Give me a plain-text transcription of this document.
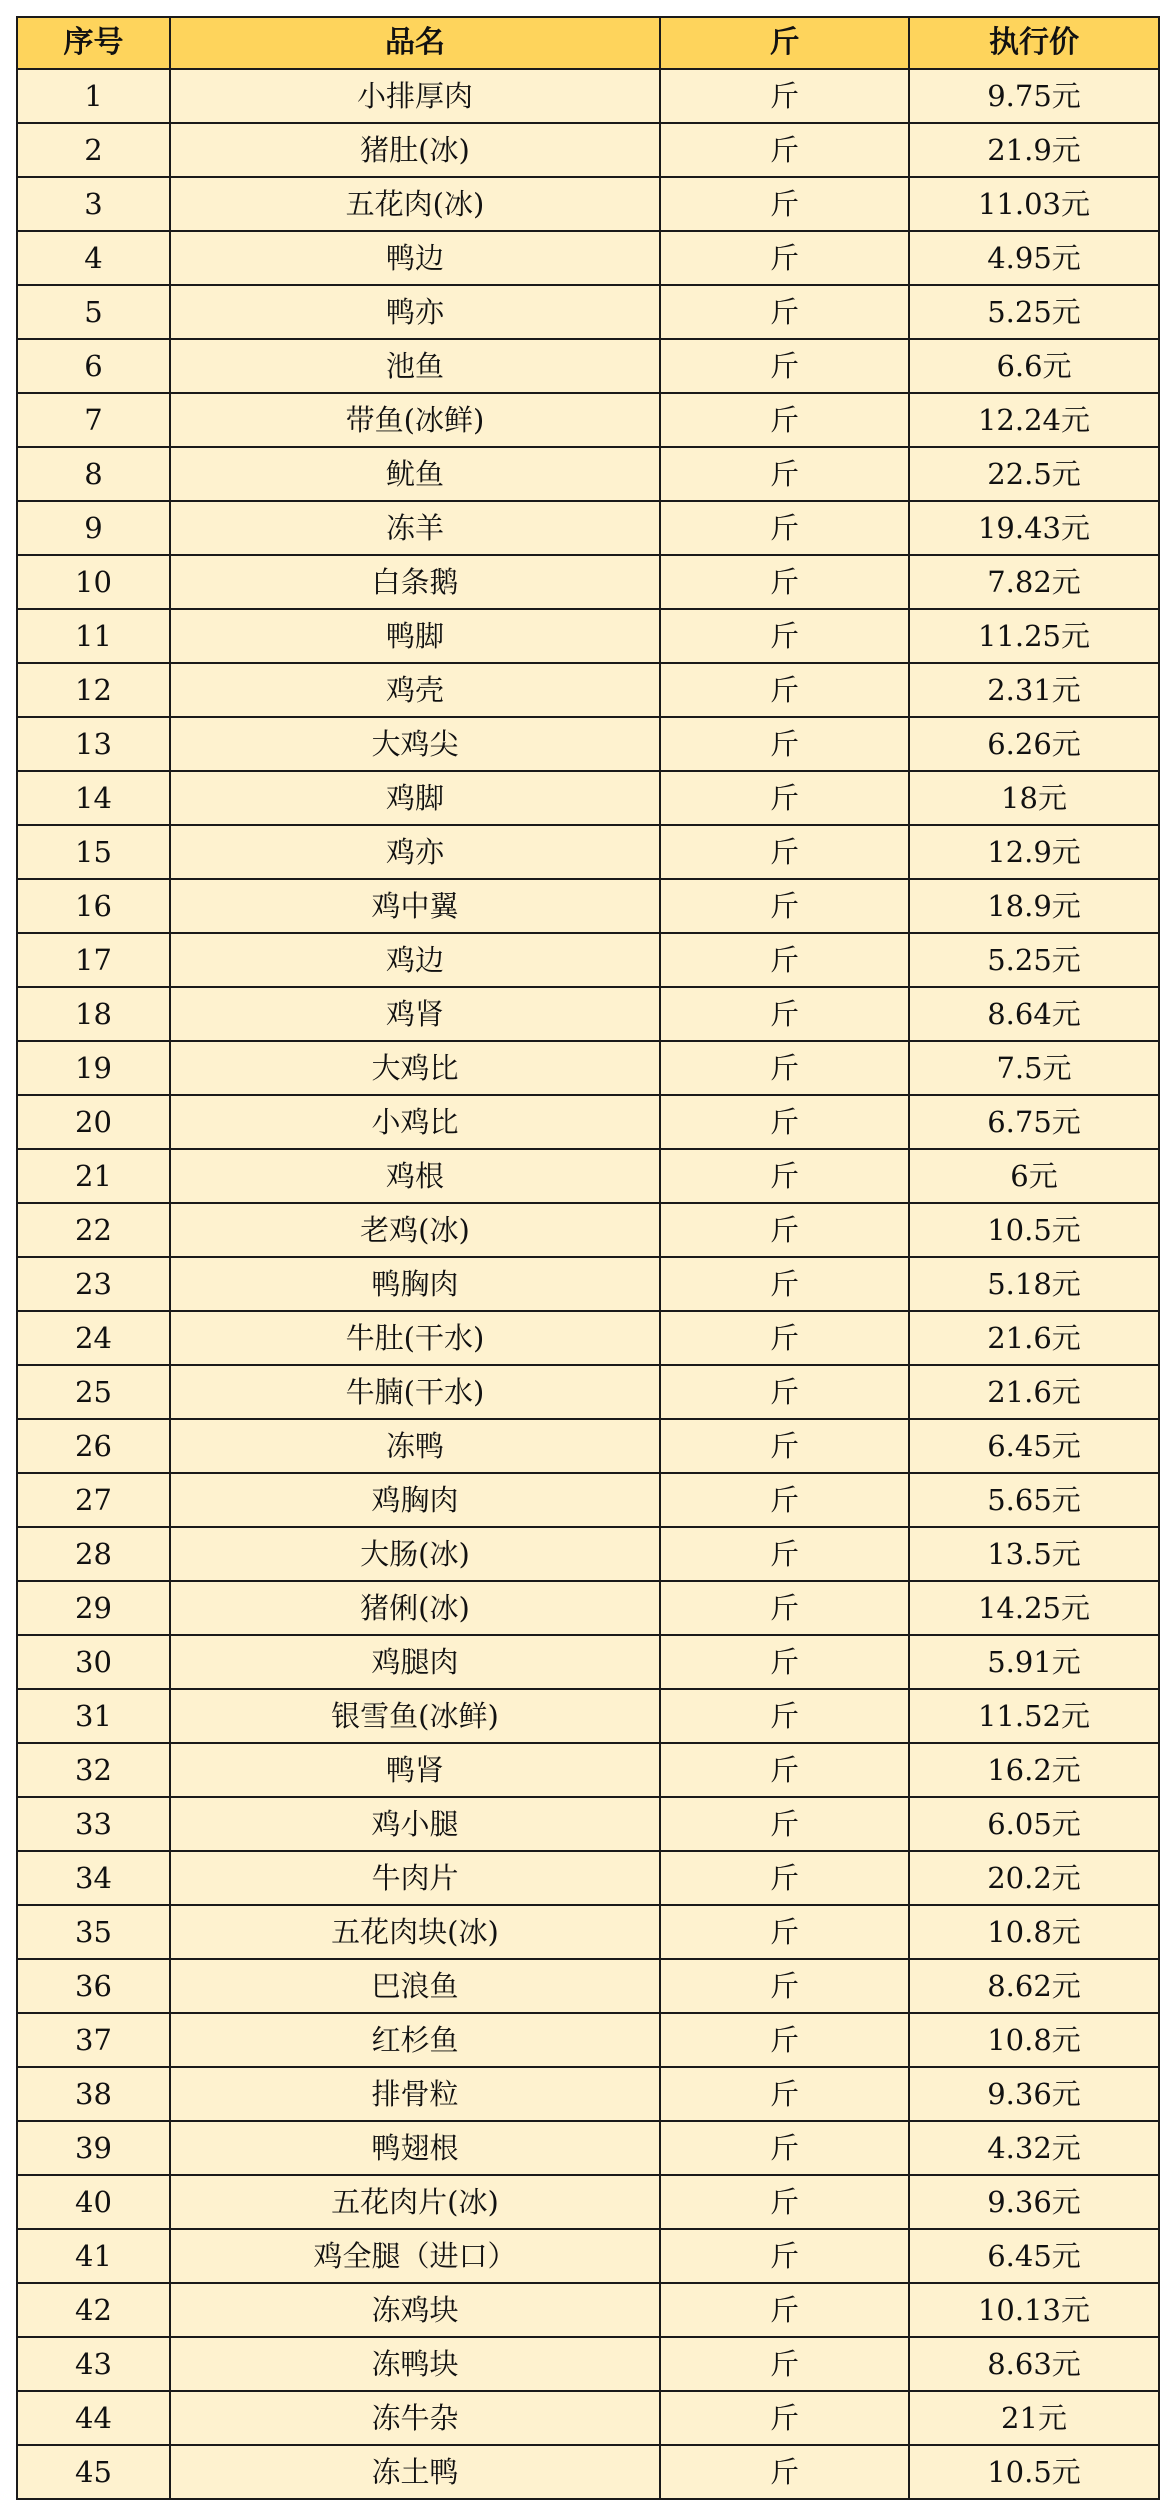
序号	品名	斤	执行价
1	小排厚肉	斤	9.75元
2	猪肚(冰)	斤	21.9元
3	五花肉(冰)	斤	11.03元
4	鸭边	斤	4.95元
5	鸭亦	斤	5.25元
6	池鱼	斤	6.6元
7	带鱼(冰鲜)	斤	12.24元
8	鱿鱼	斤	22.5元
9	冻羊	斤	19.43元
10	白条鹅	斤	7.82元
11	鸭脚	斤	11.25元
12	鸡壳	斤	2.31元
13	大鸡尖	斤	6.26元
14	鸡脚	斤	18元
15	鸡亦	斤	12.9元
16	鸡中翼	斤	18.9元
17	鸡边	斤	5.25元
18	鸡肾	斤	8.64元
19	大鸡比	斤	7.5元
20	小鸡比	斤	6.75元
21	鸡根	斤	6元
22	老鸡(冰)	斤	10.5元
23	鸭胸肉	斤	5.18元
24	牛肚(干水)	斤	21.6元
25	牛腩(干水)	斤	21.6元
26	冻鸭	斤	6.45元
27	鸡胸肉	斤	5.65元
28	大肠(冰)	斤	13.5元
29	猪俐(冰)	斤	14.25元
30	鸡腿肉	斤	5.91元
31	银雪鱼(冰鲜)	斤	11.52元
32	鸭肾	斤	16.2元
33	鸡小腿	斤	6.05元
34	牛肉片	斤	20.2元
35	五花肉块(冰)	斤	10.8元
36	巴浪鱼	斤	8.62元
37	红杉鱼	斤	10.8元
38	排骨粒	斤	9.36元
39	鸭翅根	斤	4.32元
40	五花肉片(冰)	斤	9.36元
41	鸡全腿（进口）	斤	6.45元
42	冻鸡块	斤	10.13元
43	冻鸭块	斤	8.63元
44	冻牛杂	斤	21元
45	冻土鸭	斤	10.5元
